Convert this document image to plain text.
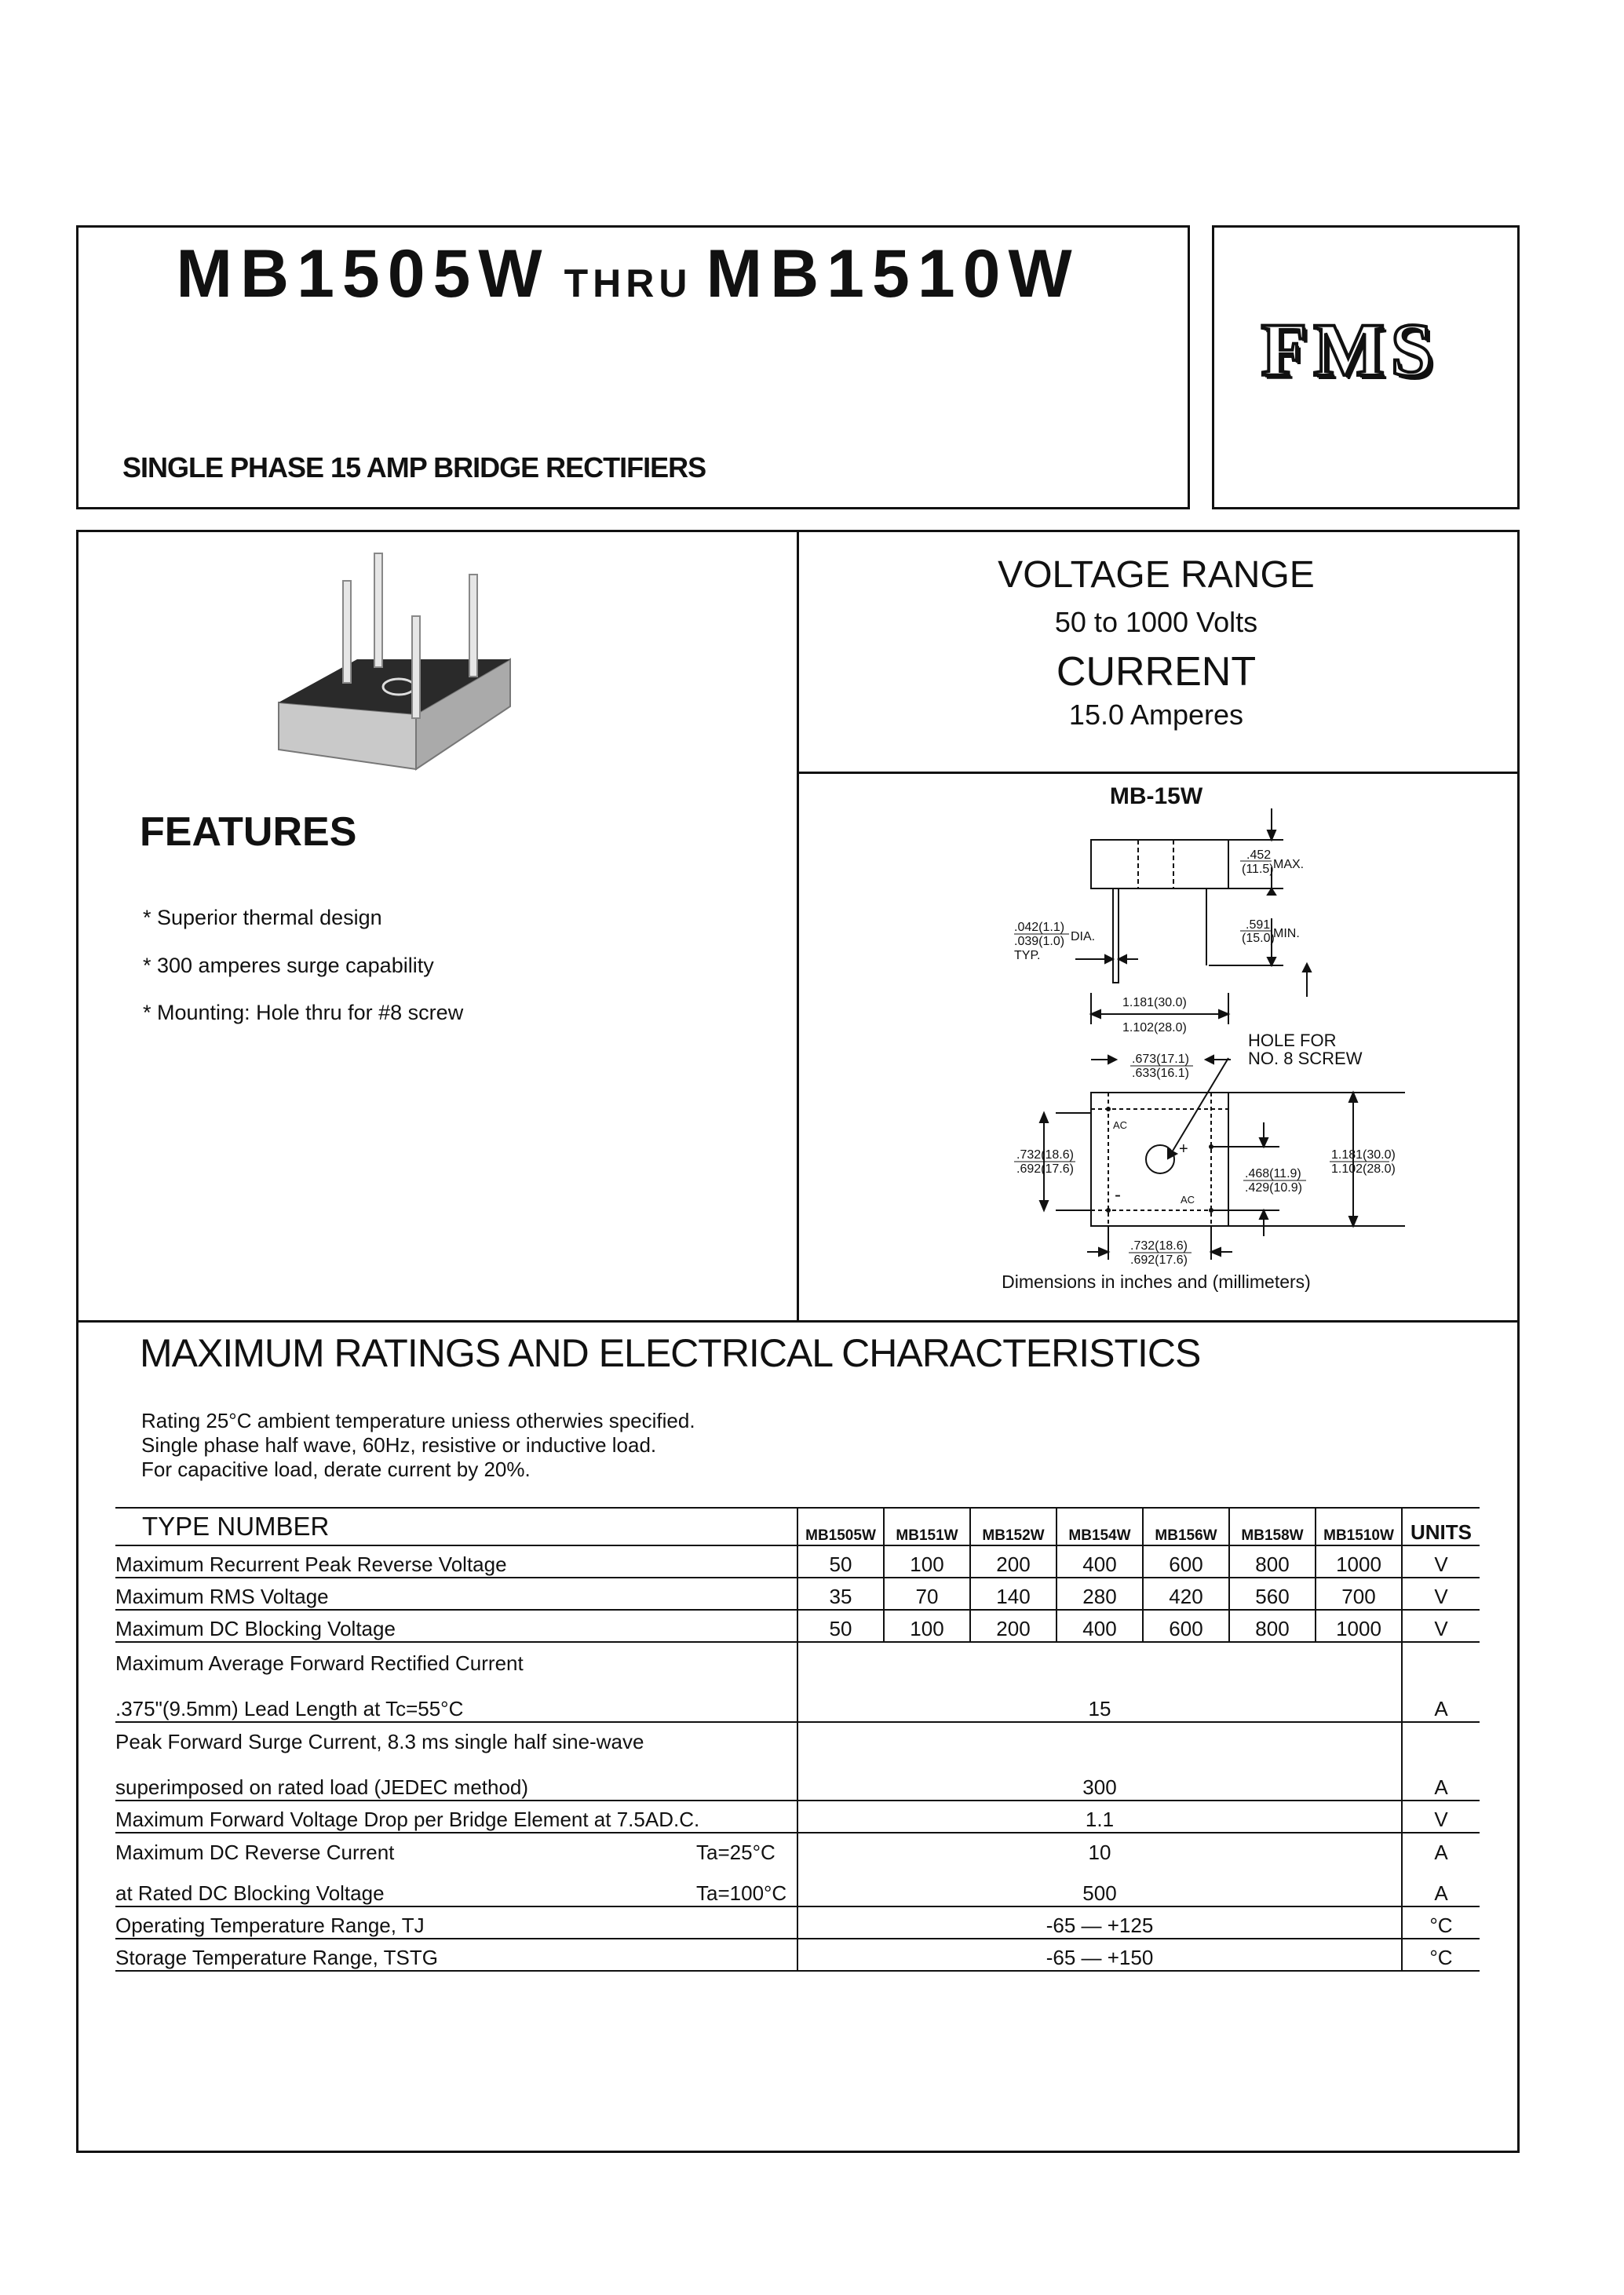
MB1505W THRU MB1510W
SINGLE PHASE 15 AMP BRIDGE RECTIFIERS
FMS
VOLTAGE RANGE
50 to 1000 Volts
CURRENT
15.0 Amperes
FEATURES
* Superior thermal design
* 300 amperes surge capability
* Mounting: Hole thru for #8 screw
MB-15W
.452
(11.5) MAX.
.042(1.1)
.039(1.0) DIA.
TYP.
.591
(15.0)
MIN.
1.181(30.0)
1.102(28.0)
HOLE FOR
NO. 8 SCREW
.673(17.1)
.633(16.1)
AC
+
-	AC
.732(18.6)
.692(17.6)
1.181(30.0)
1.102(28.0)
.468(11.9)
.429(10.9)
.732(18.6)
.692(17.6)
Dimensions in inches and (millimeters)
MAXIMUM RATINGS AND ELECTRICAL CHARACTERISTICS
Rating 25°C ambient temperature uniess otherwies specified.
Single phase half wave, 60Hz, resistive or inductive load.
For capacitive load, derate current by 20%.
TYPE NUMBER	MB1505W	MB151W	MB152W	MB154W	MB156W	MB158W	MB1510W	UNITS
Maximum Recurrent Peak Reverse Voltage	50	100	200	400	600	800	1000	V
Maximum RMS Voltage	35	70	140	280	420	560	700	V
Maximum DC Blocking Voltage	50	100	200	400	600	800	1000	V
Maximum Average Forward Rectified Current								
.375"(9.5mm) Lead Length at Tc=55°C	15							A
Peak Forward Surge Current, 8.3 ms single half sine-wave								
superimposed on rated load (JEDEC method)	300							A
Maximum Forward Voltage Drop per Bridge Element at 7.5AD.C.	1.1							V
Maximum DC Reverse Current Ta=25°C	10							A
at Rated DC Blocking Voltage Ta=100°C	500							A
Operating Temperature Range, TJ	-65 — +125							°C
Storage Temperature Range, TSTG	-65 — +150							°C
